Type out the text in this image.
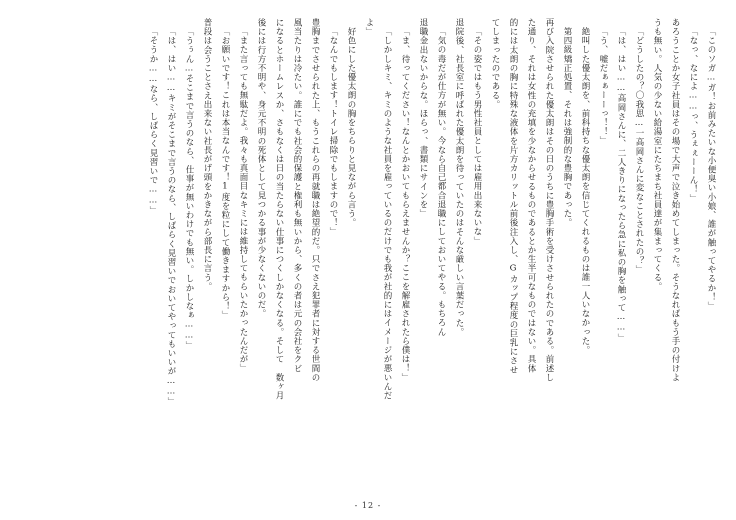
「このソガ…ガ！お前みたいな小便臭い小娘、誰が触ってやるか！」
「なっ、なによ……っ、うぇぇーーん！」
あろうことか女子社員はその場で大声で泣き始めてしまった。そうなればもう手の付けよ
うも無い。人気の少ない給湯室にたちまち社員達が集まってくる。
「どうしたの？〇我思…一高岡さんに変なことされたの？」
「は、はい……高岡さんに、二人きりになったら急に私の胸を触って……」
「う、嘘だぁぁーーっ！！」
絶叫した優太朗を、前科持ちな優太朗を信じてくれるものは誰一人いなかった。
第四級矯正処置、それは強制的な豊胸であった。
再び入院させられた優太朗はその日のうちに豊胸手術を受けさせられたのである。前述し
た通り、それは女性の充填を少なからせるものであるとか生半可なものではない。具体
的には太朗の胸に特殊な液体を片方カリットル前後注入し、Gカップ程度の巨乳にさせ
てしまったのである。
「その姿ではもう男性社員としては雇用出来ないな」
退院後、社長室に呼ばれた優太朗を待っていたのはそんな厳しい言葉だった。
「気の毒だが仕方が無い。今なら自己都合退職にしておいてやる。もちろん
退職金出ないからな。ほらっ、書類にサインを」
「ま、待ってください！なんとかおいてもらえませんか？ここを解雇されたら僕は！」
「しかしキミ、キミのような社員を雇っているのだけでも我が社的にはイメージが悪いんだ
よ」
好色にした優太朗の胸をちらりと見ながら言う。
「なんでもします！トイレ掃除でもしますので！」
豊胸までさせられた上、もうこれらの再就職は絶望的だ。只でさえ犯罪者に対する世間の
風当たりは冷たい。誰にでも社会的保護と権利も無いから、多くの者は元の会社をクビ
になるとホームレスか、さもなくは日の当たらない仕事につくしかなくなる。そして　数ヶ月
後には行方不明や、身元不明の死体として見つかる事が少なくないのだ。
「また言っても無駄だよ。我々も真面目なキミには維持してもらいたかったんだが」
「お願いです！これは本当なんです！1度を粒にして働きますから！」
普段は会うことさえ出来ない社長がげ頭をかきながら部長に言う。
「うぅん…そこまで言うのなら、仕事が無いわけでも無い。しかしなぁ……」
「は、はい……キミがそこまで言うのなら、しばらく見習いでおいてやってもいいが……」
「そうか……なら、しばらく見習いで……」
- 12 -
